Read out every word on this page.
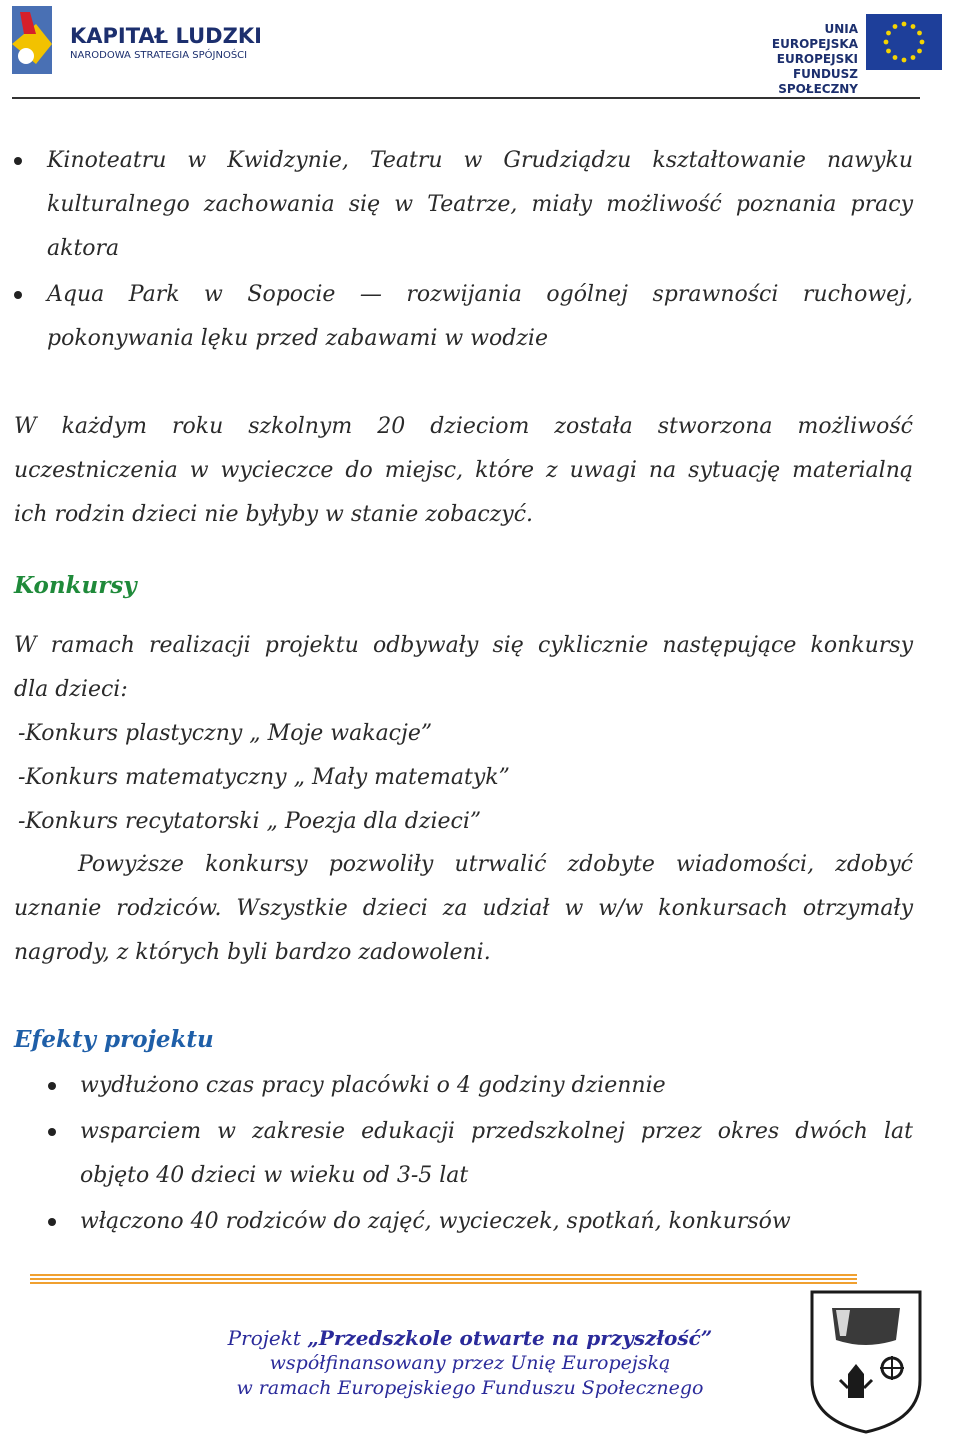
KAPITAŁ LUDZKI
NARODOWA STRATEGIA SPÓJNOŚCI
UNIA EUROPEJSKA
EUROPEJSKI
FUNDUSZ SPOŁECZNY
Kinoteatru w Kwidzynie, Teatru w Grudziądzu kształtowanie nawyku
kulturalnego zachowania się w Teatrze, miały możliwość poznania pracy
aktora
Aqua Park w Sopocie — rozwijania ogólnej sprawności ruchowej,
pokonywania lęku przed zabawami w wodzie
W każdym roku szkolnym 20 dzieciom została stworzona możliwość
uczestniczenia w wycieczce do miejsc, które z uwagi na sytuację materialną
ich rodzin dzieci nie byłyby w stanie zobaczyć.
Konkursy
W ramach realizacji projektu odbywały się cyklicznie następujące konkursy
dla dzieci:
-Konkurs plastyczny „ Moje wakacje”
-Konkurs matematyczny „ Mały matematyk”
-Konkurs recytatorski „ Poezja dla dzieci”
Powyższe konkursy pozwoliły utrwalić zdobyte wiadomości, zdobyć
uznanie rodziców. Wszystkie dzieci za udział w w/w konkursach otrzymały
nagrody, z których byli bardzo zadowoleni.
Efekty projektu
wydłużono czas pracy placówki o 4 godziny dziennie
wsparciem w zakresie edukacji przedszkolnej przez okres dwóch lat
objęto 40 dzieci w wieku od 3-5 lat
włączono 40 rodziców do zajęć, wycieczek, spotkań, konkursów
Projekt „Przedszkole otwarte na przyszłość”
współfinansowany przez Unię Europejską
w ramach Europejskiego Funduszu Społecznego
